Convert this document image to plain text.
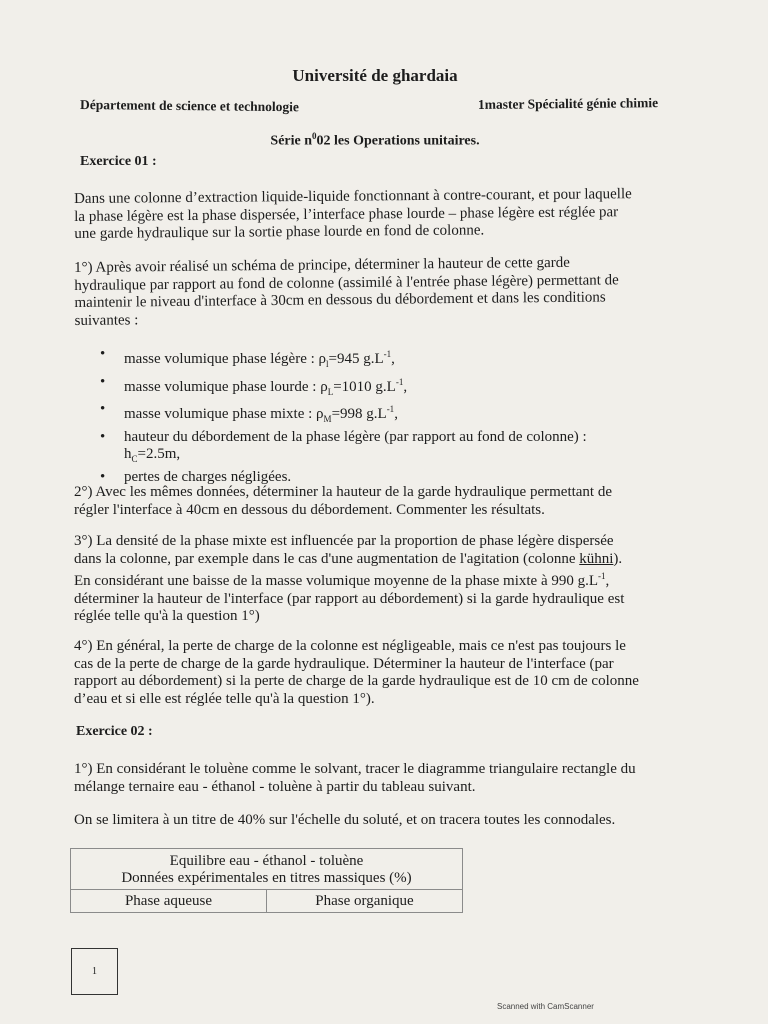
Université de ghardaia
Département de science et technologie	1master Spécialité génie chimie
Série $n^002$ les Operations unitaires.
Exercice 01 :
Dans une colonne d’extraction liquide-liquide fonctionnant à contre-courant, et pour laquelle
la phase légère est la phase dispersée, l’interface phase lourde – phase légère est réglée par
une garde hydraulique sur la sortie phase lourde en fond de colonne.
1°) Après avoir réalisé un schéma de principe, déterminer la hauteur de cette garde
hydraulique par rapport au fond de colonne (assimilé à l'entrée phase légère) permettant de
maintenir le niveau d'interface à 30cm en dessous du débordement et dans les conditions
suivantes :
• masse volumique phase légère : $\rho_l=945$ $g.L^{-1}$,
• masse volumique phase lourde : $\rho_L=1010$ $g.L^{-1}$,
• masse volumique phase mixte : $\rho_M=998$ $g.L^{-1}$,
• hauteur du débordement de la phase légère (par rapport au fond de colonne) :
$h_C=2.5m$,
• pertes de charges négligées.
2°) Avec les mêmes données, déterminer la hauteur de la garde hydraulique permettant de
régler l'interface à 40cm en dessous du débordement. Commenter les résultats.
3°) La densité de la phase mixte est influencée par la proportion de phase légère dispersée
dans la colonne, par exemple dans le cas d'une augmentation de l'agitation (colonne kühni).
En considérant une baisse de la masse volumique moyenne de la phase mixte à 990 $g.L^{-1}$,
déterminer la hauteur de l'interface (par rapport au débordement) si la garde hydraulique est
réglée telle qu'à la question 1°)
4°) En général, la perte de charge de la colonne est négligeable, mais ce n'est pas toujours le
cas de la perte de charge de la garde hydraulique. Déterminer la hauteur de l'interface (par
rapport au débordement) si la perte de charge de la garde hydraulique est de 10 cm de colonne
d’eau et si elle est réglée telle qu'à la question 1°).
Exercice 02 :
1°) En considérant le toluène comme le solvant, tracer le diagramme triangulaire rectangle du
mélange ternaire eau - éthanol - toluène à partir du tableau suivant.
On se limitera à un titre de 40% sur l'échelle du soluté, et on tracera toutes les connodales.
Equilibre eau - éthanol - toluène
Données expérimentales en titres massiques (%)

Phase aqueuse	Phase organique
1
Scanned with CamScanner
